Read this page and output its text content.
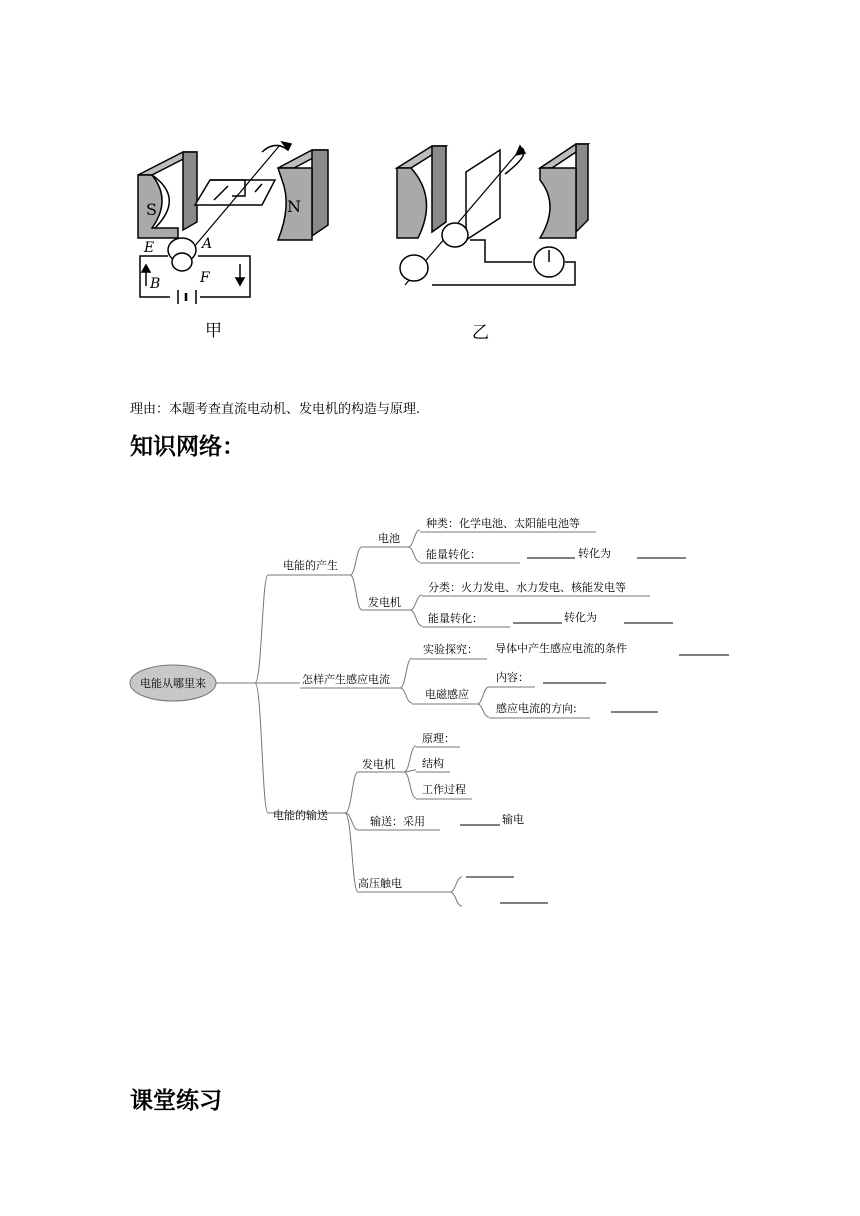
S	N
E	A
F
B
甲	乙
理由：本题考查直流电动机、发电机的构造与原理.
知识网络：
电能从哪里来
电能的产生
电池
种类：化学电池、太阳能电池等
能量转化：	转化为
发电机
分类：火力发电、水力发电、核能发电等
能量转化：	转化为
怎样产生感应电流
实验探究： 导体中产生感应电流的条件
电磁感应
内容：
感应电流的方向:
电能的输送
发电机
原理：
结构
工作过程
输送：采用	输电
高压触电
课堂练习
